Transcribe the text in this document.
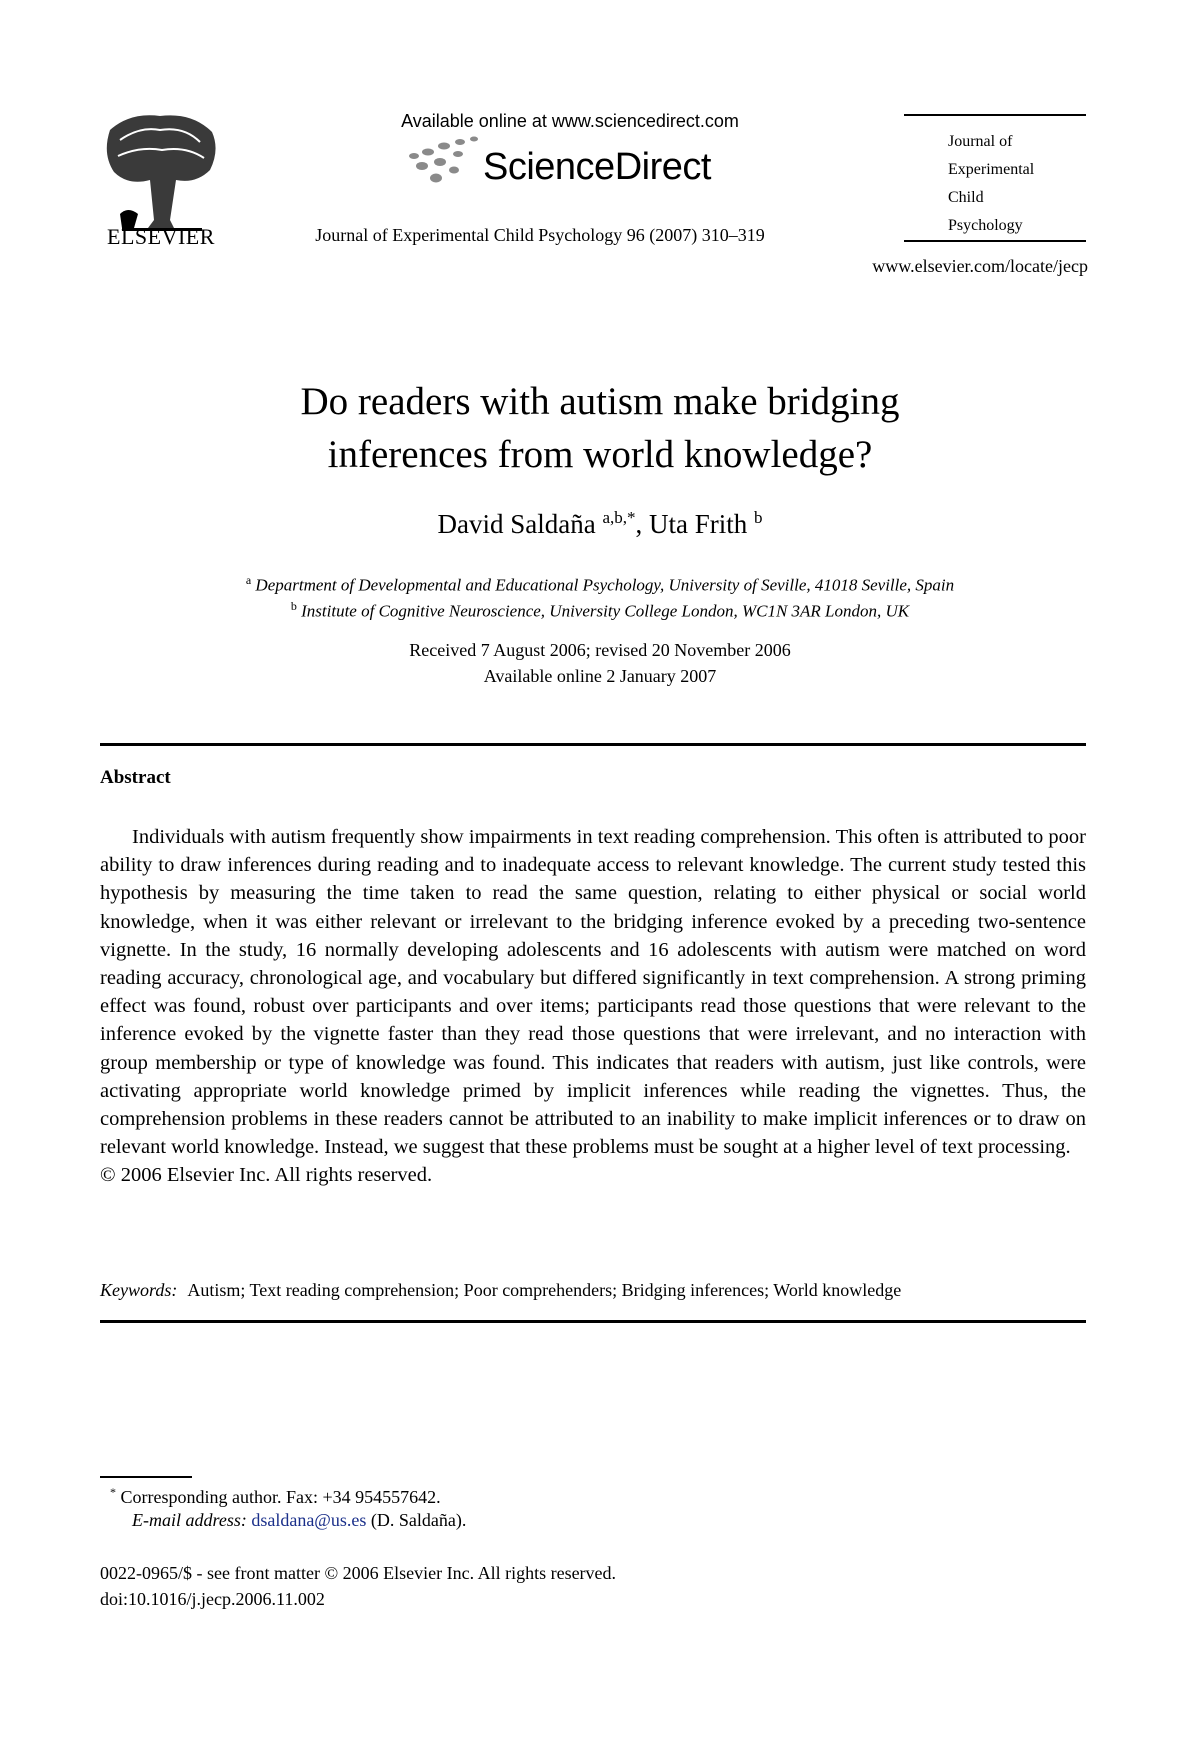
ELSEVIER
Available online at www.sciencedirect.com
ScienceDirect
Journal of Experimental Child Psychology 96 (2007) 310–319
Journal of
Experimental
Child
Psychology
www.elsevier.com/locate/jecp
Do readers with autism make bridging
inferences from world knowledge?
David Saldaña $^{a,b,*}$, Uta Frith $^b$
$^a$ Department of Developmental and Educational Psychology, University of Seville, 41018 Seville, Spain
$^b$ Institute of Cognitive Neuroscience, University College London, WC1N 3AR London, UK
Received 7 August 2006; revised 20 November 2006
Available online 2 January 2007
Abstract
Individuals with autism frequently show impairments in text reading comprehension. This often is attributed to poor ability to draw inferences during reading and to inadequate access to relevant knowledge. The current study tested this hypothesis by measuring the time taken to read the same question, relating to either physical or social world knowledge, when it was either relevant or irrelevant to the bridging inference evoked by a preceding two-sentence vignette. In the study, 16 normally developing adolescents and 16 adolescents with autism were matched on word reading accuracy, chronological age, and vocabulary but differed significantly in text comprehension. A strong priming effect was found, robust over participants and over items; participants read those questions that were relevant to the inference evoked by the vignette faster than they read those questions that were irrelevant, and no interaction with group membership or type of knowledge was found. This indicates that readers with autism, just like controls, were activating appropriate world knowledge primed by implicit inferences while reading the vignettes. Thus, the comprehension problems in these readers cannot be attributed to an inability to make implicit inferences or to draw on relevant world knowledge. Instead, we suggest that these problems must be sought at a higher level of text processing.
© 2006 Elsevier Inc. All rights reserved.
Keywords: Autism; Text reading comprehension; Poor comprehenders; Bridging inferences; World knowledge
* Corresponding author. Fax: +34 954557642.
E-mail address: dsaldana@us.es (D. Saldaña).
0022-0965/$ - see front matter © 2006 Elsevier Inc. All rights reserved.
doi:10.1016/j.jecp.2006.11.002
